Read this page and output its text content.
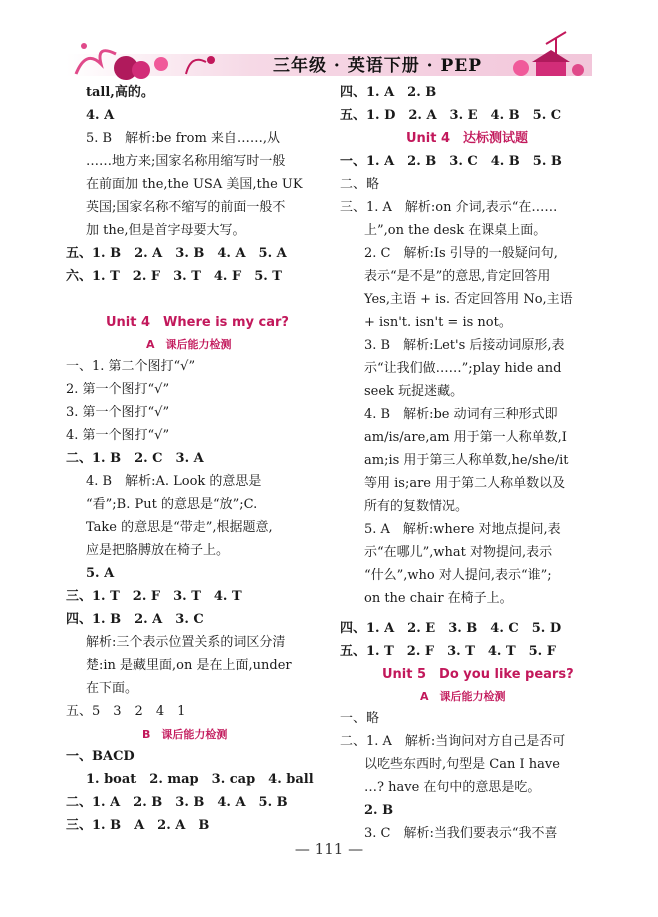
三年级 · 英语下册 · PEP
tall,高的。
4. A
5. B　解析:be from 来自……,从
……地方来;国家名称用缩写时一般
在前面加 the,the USA 美国,the UK
英国;国家名称不缩写的前面一般不
加 the,但是首字母要大写。
五、1. B　2. A　3. B　4. A　5. A
六、1. T　2. F　3. T　4. F　5. T
Unit 4　Where is my car?
A　课后能力检测
一、1. 第二个图打“√”
2. 第一个图打“√”
3. 第一个图打“√”
4. 第一个图打“√”
二、1. B　2. C　3. A
4. B　解析:A. Look 的意思是
“看”;B. Put 的意思是“放”;C.
Take 的意思是“带走”,根据题意,
应是把胳膊放在椅子上。
5. A
三、1. T　2. F　3. T　4. T
四、1. B　2. A　3. C
解析:三个表示位置关系的词区分清
楚:in 是藏里面,on 是在上面,under
在下面。
五、5　3　2　4　1
B　课后能力检测
一、BACD
1. boat　2. map　3. cap　4. ball
二、1. A　2. B　3. B　4. A　5. B
三、1. B　A　2. A　B
四、1. A　2. B
五、1. D　2. A　3. E　4. B　5. C
Unit 4　达标测试题
一、1. A　2. B　3. C　4. B　5. B
二、略
三、1. A　解析:on 介词,表示“在……
上”,on the desk 在课桌上面。
2. C　解析:Is 引导的一般疑问句,
表示“是不是”的意思,肯定回答用
Yes,主语 + is. 否定回答用 No,主语
+ isn't. isn't = is not。
3. B　解析:Let's 后接动词原形,表
示“让我们做……”;play hide and
seek 玩捉迷藏。
4. B　解析:be 动词有三种形式即
am/is/are,am 用于第一人称单数,I
am;is 用于第三人称单数,he/she/it
等用 is;are 用于第二人称单数以及
所有的复数情况。
5. A　解析:where 对地点提问,表
示“在哪儿”,what 对物提问,表示
“什么”,who 对人提问,表示“谁”;
on the chair 在椅子上。
四、1. A　2. E　3. B　4. C　5. D
五、1. T　2. F　3. T　4. T　5. F
Unit 5　Do you like pears?
A　课后能力检测
一、略
二、1. A　解析:当询问对方自己是否可
以吃些东西时,句型是 Can I have
…? have 在句中的意思是吃。
2. B
3. C　解析:当我们要表示“我不喜
— 111 —
